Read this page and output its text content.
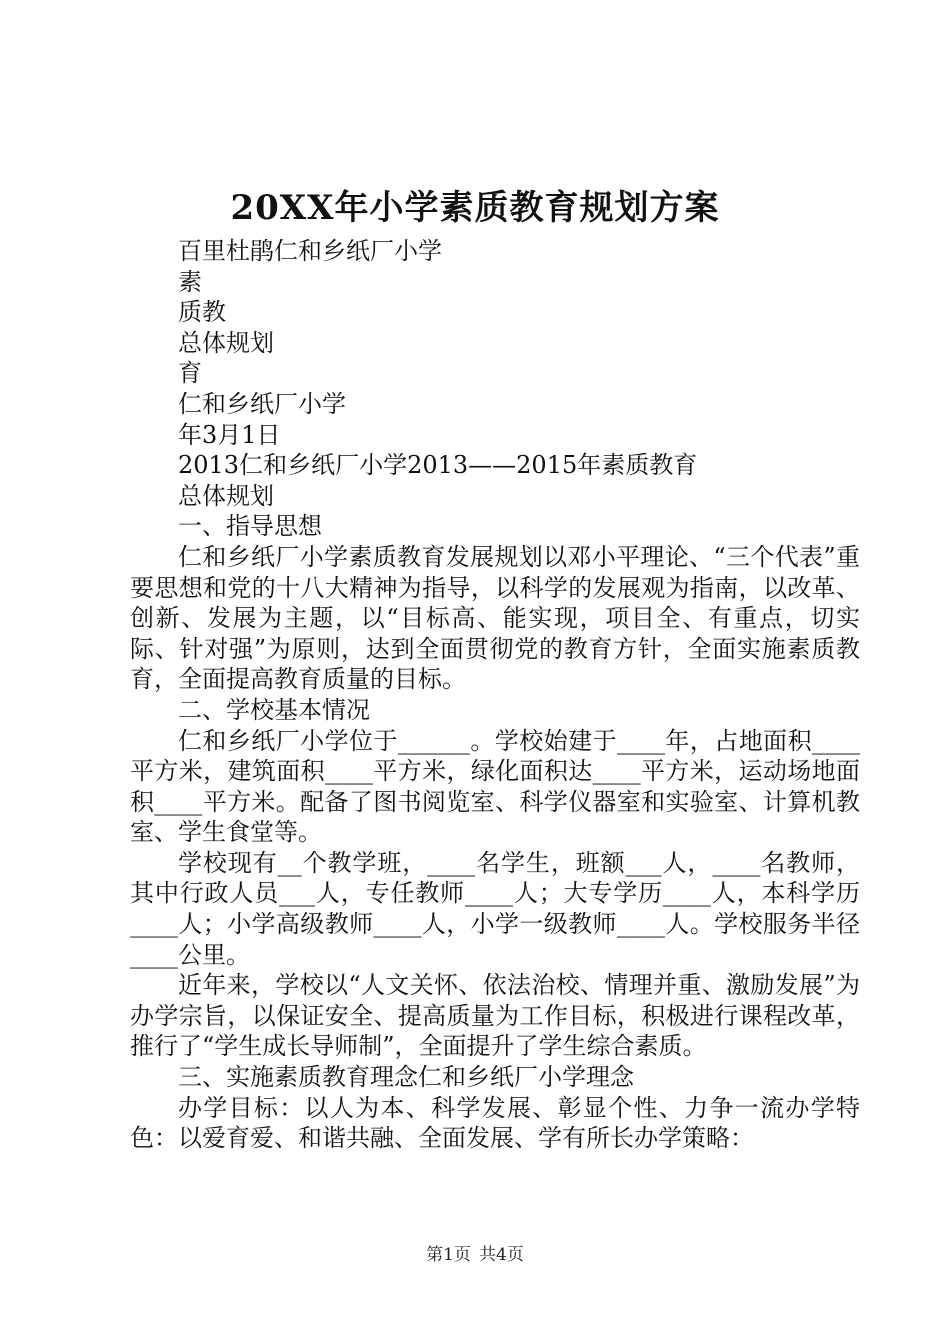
20XX年小学素质教育规划方案

百里杜鹃仁和乡纸厂小学

素

质教

总体规划

育

仁和乡纸厂小学

年3月1日

2013仁和乡纸厂小学2013——2015年素质教育

总体规划

一、指导思想

仁和乡纸厂小学素质教育发展规划以邓小平理论、“三个代表”重要思想和党的十八大精神为指导，以科学的发展观为指南，以改革、创新、发展为主题，以“目标高、能实现，项目全、有重点，切实际、针对强”为原则，达到全面贯彻党的教育方针，全面实施素质教育，全面提高教育质量的目标。

二、学校基本情况

仁和乡纸厂小学位于______。学校始建于____年，占地面积____平方米，建筑面积____平方米，绿化面积达____平方米，运动场地面积____平方米。配备了图书阅览室、科学仪器室和实验室、计算机教室、学生食堂等。

学校现有__个教学班，____名学生，班额___人，____名教师，其中行政人员___人，专任教师____人；大专学历____人，本科学历____人；小学高级教师____人，小学一级教师____人。学校服务半径____公里。

近年来，学校以“人文关怀、依法治校、情理并重、激励发展”为办学宗旨，以保证安全、提高质量为工作目标，积极进行课程改革，推行了“学生成长导师制”，全面提升了学生综合素质。

三、实施素质教育理念仁和乡纸厂小学理念

办学目标：以人为本、科学发展、彰显个性、力争一流办学特色：以爱育爱、和谐共融、全面发展、学有所长办学策略：

第1页 共4页
